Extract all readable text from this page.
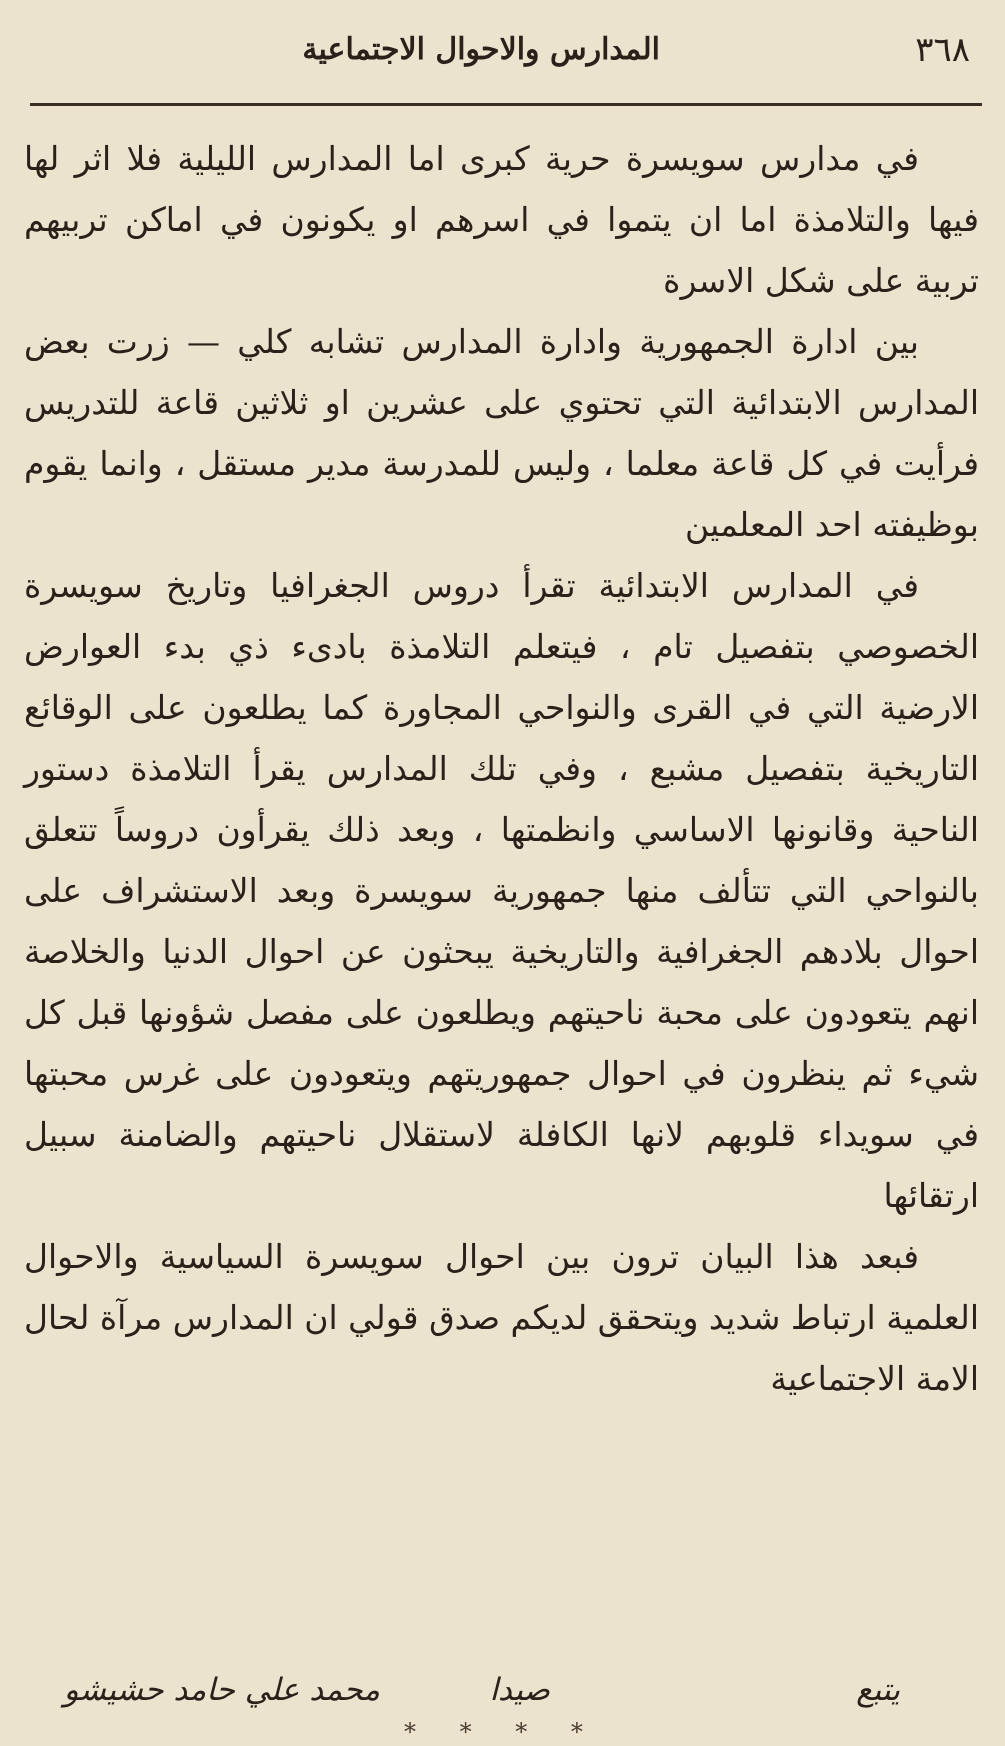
٣٦٨
المدارس والاحوال الاجتماعية

في مدارس سويسرة حرية كبرى اما المدارس الليلية فلا اثر لها فيها والتلامذة اما ان يتموا في اسرهم او يكونون في اماكن تربيهم تربية على شكل الاسرة

بين ادارة الجمهورية وادارة المدارس تشابه كلي — زرت بعض المدارس الابتدائية التي تحتوي على عشرين او ثلاثين قاعة للتدريس فرأيت في كل قاعة معلما ، وليس للمدرسة مدير مستقل ، وانما يقوم بوظيفته احد المعلمين

في المدارس الابتدائية تقرأ دروس الجغرافيا وتاريخ سويسرة الخصوصي بتفصيل تام ، فيتعلم التلامذة بادىء ذي بدء العوارض الارضية التي في القرى والنواحي المجاورة كما يطلعون على الوقائع التاريخية بتفصيل مشبع ، وفي تلك المدارس يقرأ التلامذة دستور الناحية وقانونها الاساسي وانظمتها ، وبعد ذلك يقرأون دروساً تتعلق بالنواحي التي تتألف منها جمهورية سويسرة وبعد الاستشراف على احوال بلادهم الجغرافية والتاريخية يبحثون عن احوال الدنيا والخلاصة انهم يتعودون على محبة ناحيتهم ويطلعون على مفصل شؤونها قبل كل شيء ثم ينظرون في احوال جمهوريتهم ويتعودون على غرس محبتها في سويداء قلوبهم لانها الكافلة لاستقلال ناحيتهم والضامنة سبيل ارتقائها

فبعد هذا البيان ترون بين احوال سويسرة السياسية والاحوال العلمية ارتباط شديد ويتحقق لديكم صدق قولي ان المدارس مرآة لحال الامة الاجتماعية

يتبع
صيدا
محمد علي حامد حشيشو
* * * *
